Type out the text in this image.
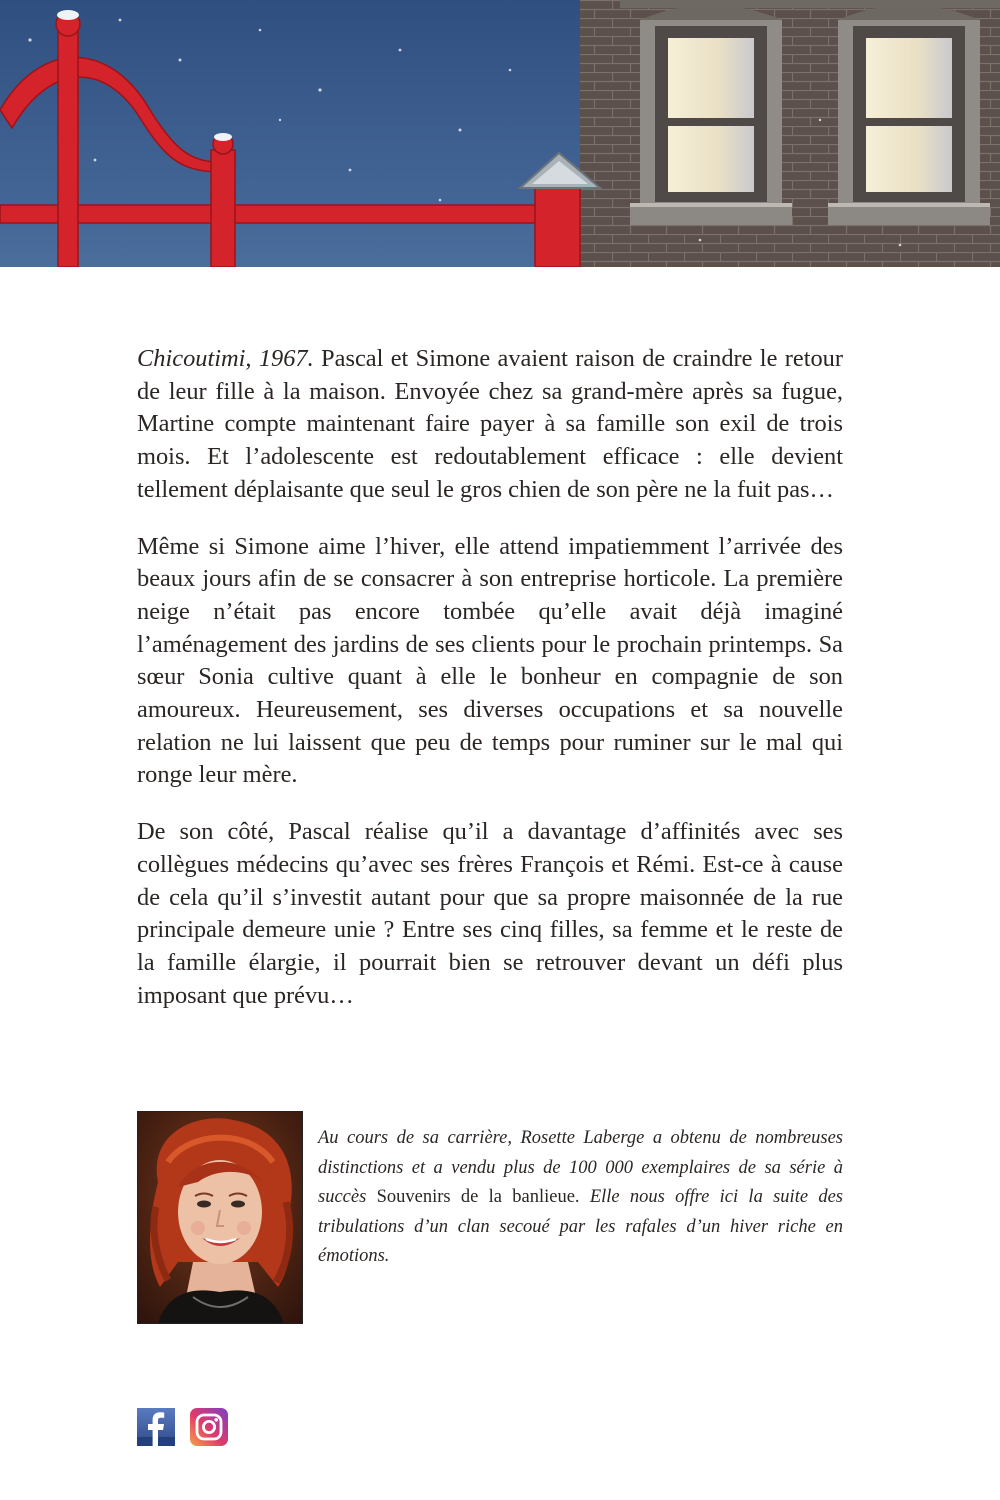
Chicoutimi, 1967. Pascal et Simone avaient raison de craindre le retour de leur fille à la maison. Envoyée chez sa grand-mère après sa fugue, Martine compte maintenant faire payer à sa famille son exil de trois mois. Et l’adolescente est redoutablement efficace : elle devient tellement déplaisante que seul le gros chien de son père ne la fuit pas…

Même si Simone aime l’hiver, elle attend impatiemment l’arrivée des beaux jours afin de se consacrer à son entreprise horticole. La première neige n’était pas encore tombée qu’elle avait déjà imaginé l’aménagement des jardins de ses clients pour le prochain printemps. Sa sœur Sonia cultive quant à elle le bonheur en compagnie de son amoureux. Heureusement, ses diverses occupations et sa nouvelle relation ne lui laissent que peu de temps pour ruminer sur le mal qui ronge leur mère.

De son côté, Pascal réalise qu’il a davantage d’affinités avec ses collègues médecins qu’avec ses frères François et Rémi. Est-ce à cause de cela qu’il s’investit autant pour que sa propre maisonnée de la rue principale demeure unie ? Entre ses cinq filles, sa femme et le reste de la famille élargie, il pourrait bien se retrouver devant un défi plus imposant que prévu…

Au cours de sa carrière, Rosette Laberge a obtenu de nombreuses distinctions et a vendu plus de 100 000 exemplaires de sa série à succès Souvenirs de la banlieue. Elle nous offre ici la suite des tribulations d’un clan secoué par les rafales d’un hiver riche en émotions.
